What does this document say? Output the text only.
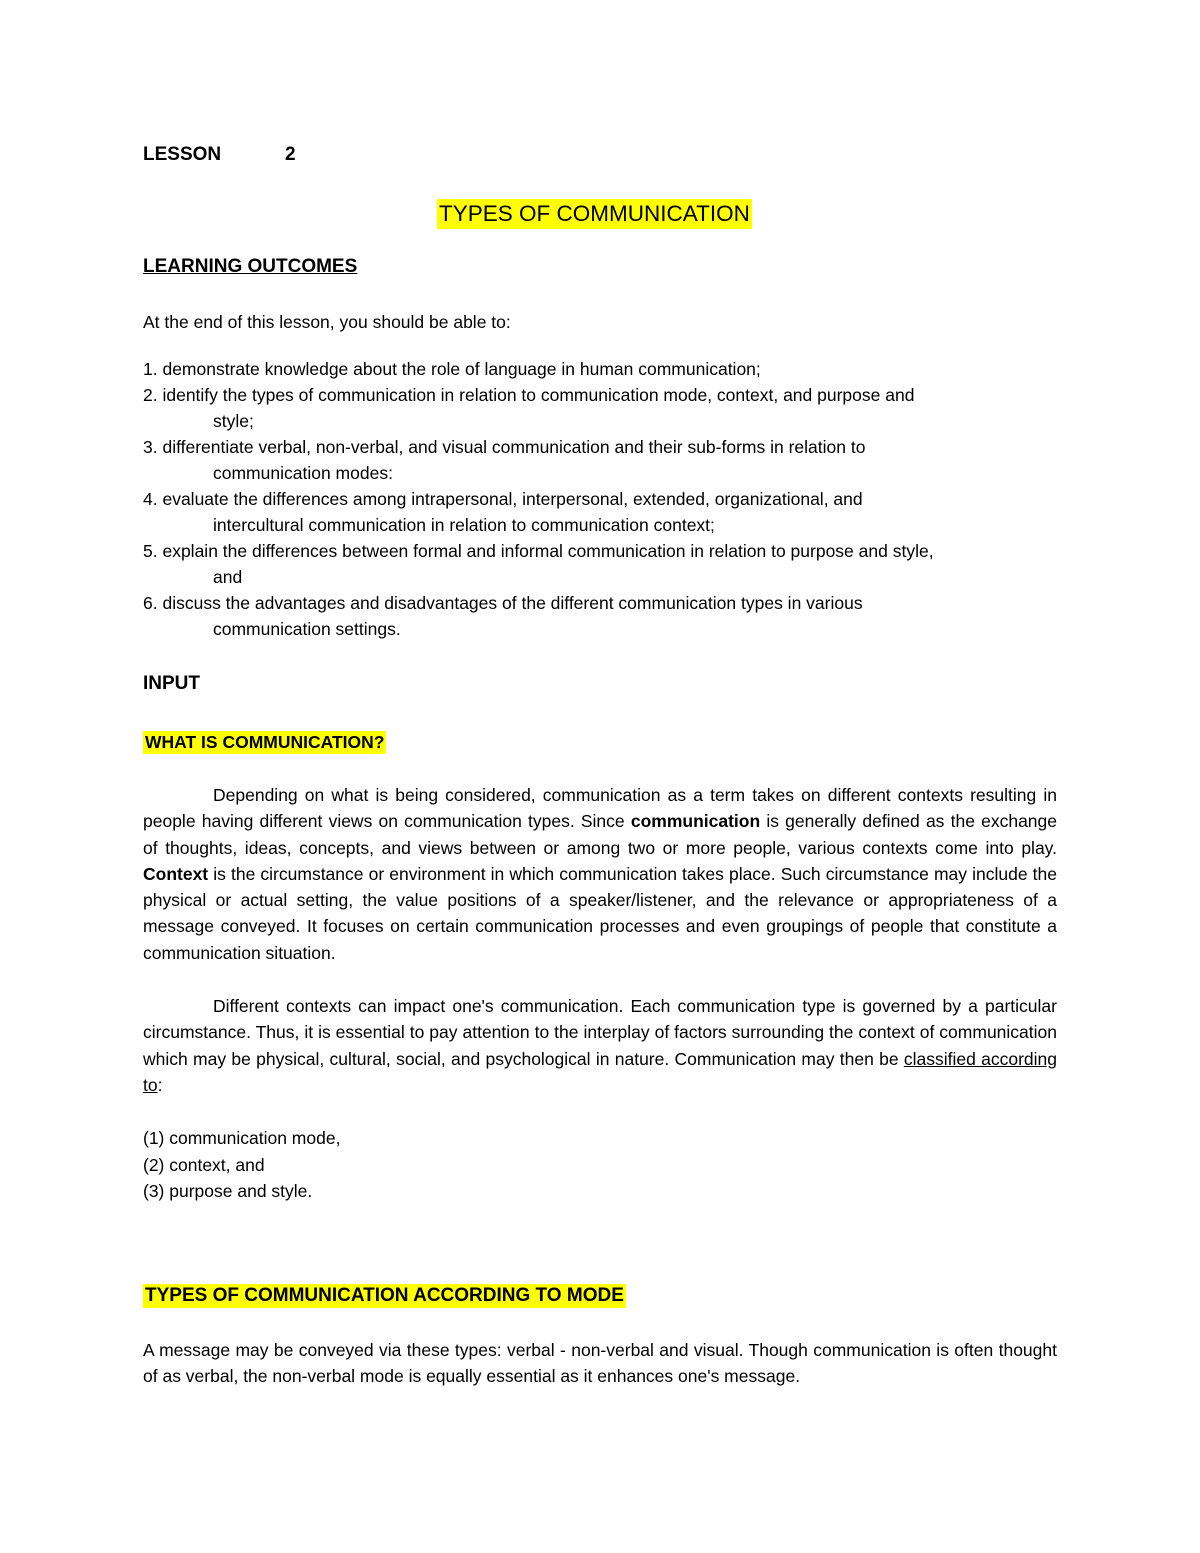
LESSON	2
TYPES OF COMMUNICATION
LEARNING OUTCOMES
At the end of this lesson, you should be able to:
1. demonstrate knowledge about the role of language in human communication;
2. identify the types of communication in relation to communication mode, context, and purpose and
style;
3. differentiate verbal, non-verbal, and visual communication and their sub-forms in relation to
communication modes:
4. evaluate the differences among intrapersonal, interpersonal, extended, organizational, and
intercultural communication in relation to communication context;
5. explain the differences between formal and informal communication in relation to purpose and style,
and
6. discuss the advantages and disadvantages of the different communication types in various
communication settings.
INPUT
WHAT IS COMMUNICATION?

Depending on what is being considered, communication as a term takes on different contexts resulting in people having different views on communication types. Since communication is generally defined as the exchange of thoughts, ideas, concepts, and views between or among two or more people, various contexts come into play. Context is the circumstance or environment in which communication takes place. Such circumstance may include the physical or actual setting, the value positions of a speaker/listener, and the relevance or appropriateness of a message conveyed. It focuses on certain communication processes and even groupings of people that constitute a communication situation.

Different contexts can impact one's communication. Each communication type is governed by a particular circumstance. Thus, it is essential to pay attention to the interplay of factors surrounding the context of communication which may be physical, cultural, social, and psychological in nature. Communication may then be classified according to:

(1) communication mode,
(2) context, and
(3) purpose and style.
TYPES OF COMMUNICATION ACCORDING TO MODE

A message may be conveyed via these types: verbal - non-verbal and visual. Though communication is often thought of as verbal, the non-verbal mode is equally essential as it enhances one's message.
